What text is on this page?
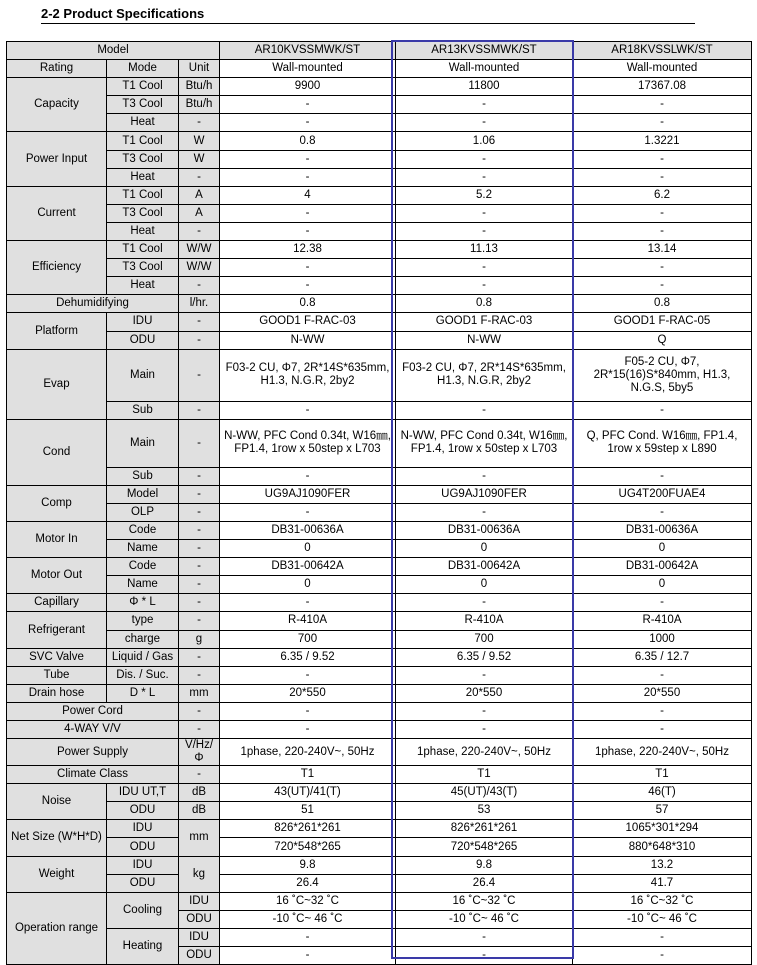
2-2 Product Specifications
Model			AR10KVSSMWK/ST	AR13KVSSMWK/ST	AR18KVSSLWK/ST
Rating	Mode	Unit	Wall-mounted	Wall-mounted	Wall-mounted
Capacity	T1 Cool	Btu/h	9900	11800	17367.08
	T3 Cool	Btu/h	-	-	-
	Heat	-	-	-	-
Power Input	T1 Cool	W	0.8	1.06	1.3221
	T3 Cool	W	-	-	-
	Heat	-	-	-	-
Current	T1 Cool	A	4	5.2	6.2
	T3 Cool	A	-	-	-
	Heat	-	-	-	-
Efficiency	T1 Cool	W/W	12.38	11.13	13.14
	T3 Cool	W/W	-	-	-
	Heat	-	-	-	-
Dehumidifying		l/hr.	0.8	0.8	0.8
Platform	IDU	-	GOOD1 F-RAC-03	GOOD1 F-RAC-03	GOOD1 F-RAC-05
	ODU	-	N-WW	N-WW	Q
Evap	Main	-	F03-2 CU, Φ7, 2R*14S*635mm, H1.3, N.G.R, 2by2	F03-2 CU, Φ7, 2R*14S*635mm, H1.3, N.G.R, 2by2	F05-2 CU, Φ7, 2R*15(16)S*840mm, H1.3, N.G.S, 5by5
	Sub	-	-	-	-
Cond	Main	-	N-WW, PFC Cond 0.34t, W16㎜, FP1.4, 1row x 50step x L703	N-WW, PFC Cond 0.34t, W16㎜, FP1.4, 1row x 50step x L703	Q, PFC Cond. W16㎜, FP1.4, 1row x 59step x L890
	Sub	-	-	-	-
Comp	Model	-	UG9AJ1090FER	UG9AJ1090FER	UG4T200FUAE4
	OLP	-	-	-	-
Motor In	Code	-	DB31-00636A	DB31-00636A	DB31-00636A
	Name	-	0	0	0
Motor Out	Code	-	DB31-00642A	DB31-00642A	DB31-00642A
	Name	-	0	0	0
Capillary	Φ * L	-	-	-	-
Refrigerant	type	-	R-410A	R-410A	R-410A
	charge	g	700	700	1000
SVC Valve	Liquid / Gas	-	6.35 / 9.52	6.35 / 9.52	6.35 / 12.7
Tube	Dis. / Suc.	-	-	-	-
Drain hose	D * L	mm	20*550	20*550	20*550
Power Cord		-	-	-	-
4-WAY V/V		-	-	-	-
Power Supply		V/Hz/Φ	1phase, 220-240V~, 50Hz	1phase, 220-240V~, 50Hz	1phase, 220-240V~, 50Hz
Climate Class		-	T1	T1	T1
Noise	IDU UT,T	dB	43(UT)/41(T)	45(UT)/43(T)	46(T)
	ODU	dB	51	53	57
Net Size (W*H*D)	IDU	mm	826*261*261	826*261*261	1065*301*294
	ODU		720*548*265	720*548*265	880*648*310
Weight	IDU	kg	9.8	9.8	13.2
	ODU		26.4	26.4	41.7
Operation range	Cooling	IDU	16 ˚C~32 ˚C	16 ˚C~32 ˚C	16 ˚C~32 ˚C
		ODU	-10 ˚C~ 46 ˚C	-10 ˚C~ 46 ˚C	-10 ˚C~ 46 ˚C
	Heating	IDU	-	-	-
		ODU	-	-	-
